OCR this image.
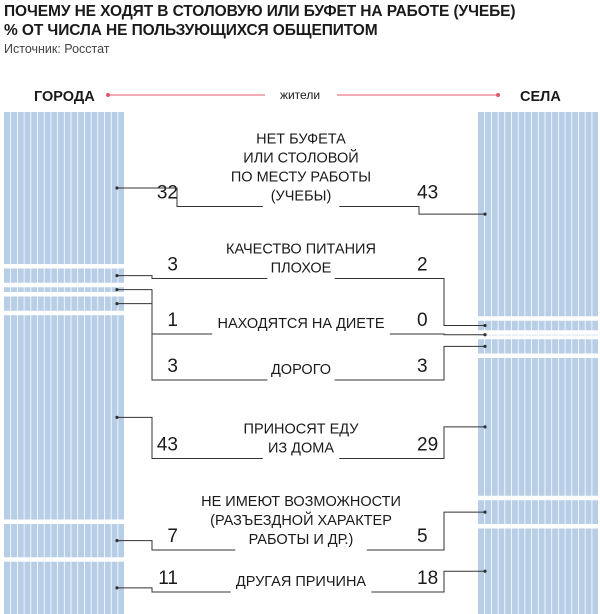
ПОЧЕМУ НЕ ХОДЯТ В СТОЛОВУЮ ИЛИ БУФЕТ НА РАБОТЕ (УЧЕБЕ)
% ОТ ЧИСЛА НЕ ПОЛЬЗУЮЩИХСЯ ОБЩЕПИТОМ
Источник: Росстат
ГОРОДА	СЕЛА
жители
НЕТ БУФЕТА
ИЛИ СТОЛОВОЙ
ПО МЕСТУ РАБОТЫ
(УЧЕБЫ)
32	43
КАЧЕСТВО ПИТАНИЯ
ПЛОХОЕ
3	2
НАХОДЯТСЯ НА ДИЕТЕ
1	0
ДОРОГО
3	3
ПРИНОСЯТ ЕДУ
ИЗ ДОМА
43	29
НЕ ИМЕЮТ ВОЗМОЖНОСТИ
(РАЗЪЕЗДНОЙ ХАРАКТЕР
РАБОТЫ И ДР.)
7	5
ДРУГАЯ ПРИЧИНА
11	18
